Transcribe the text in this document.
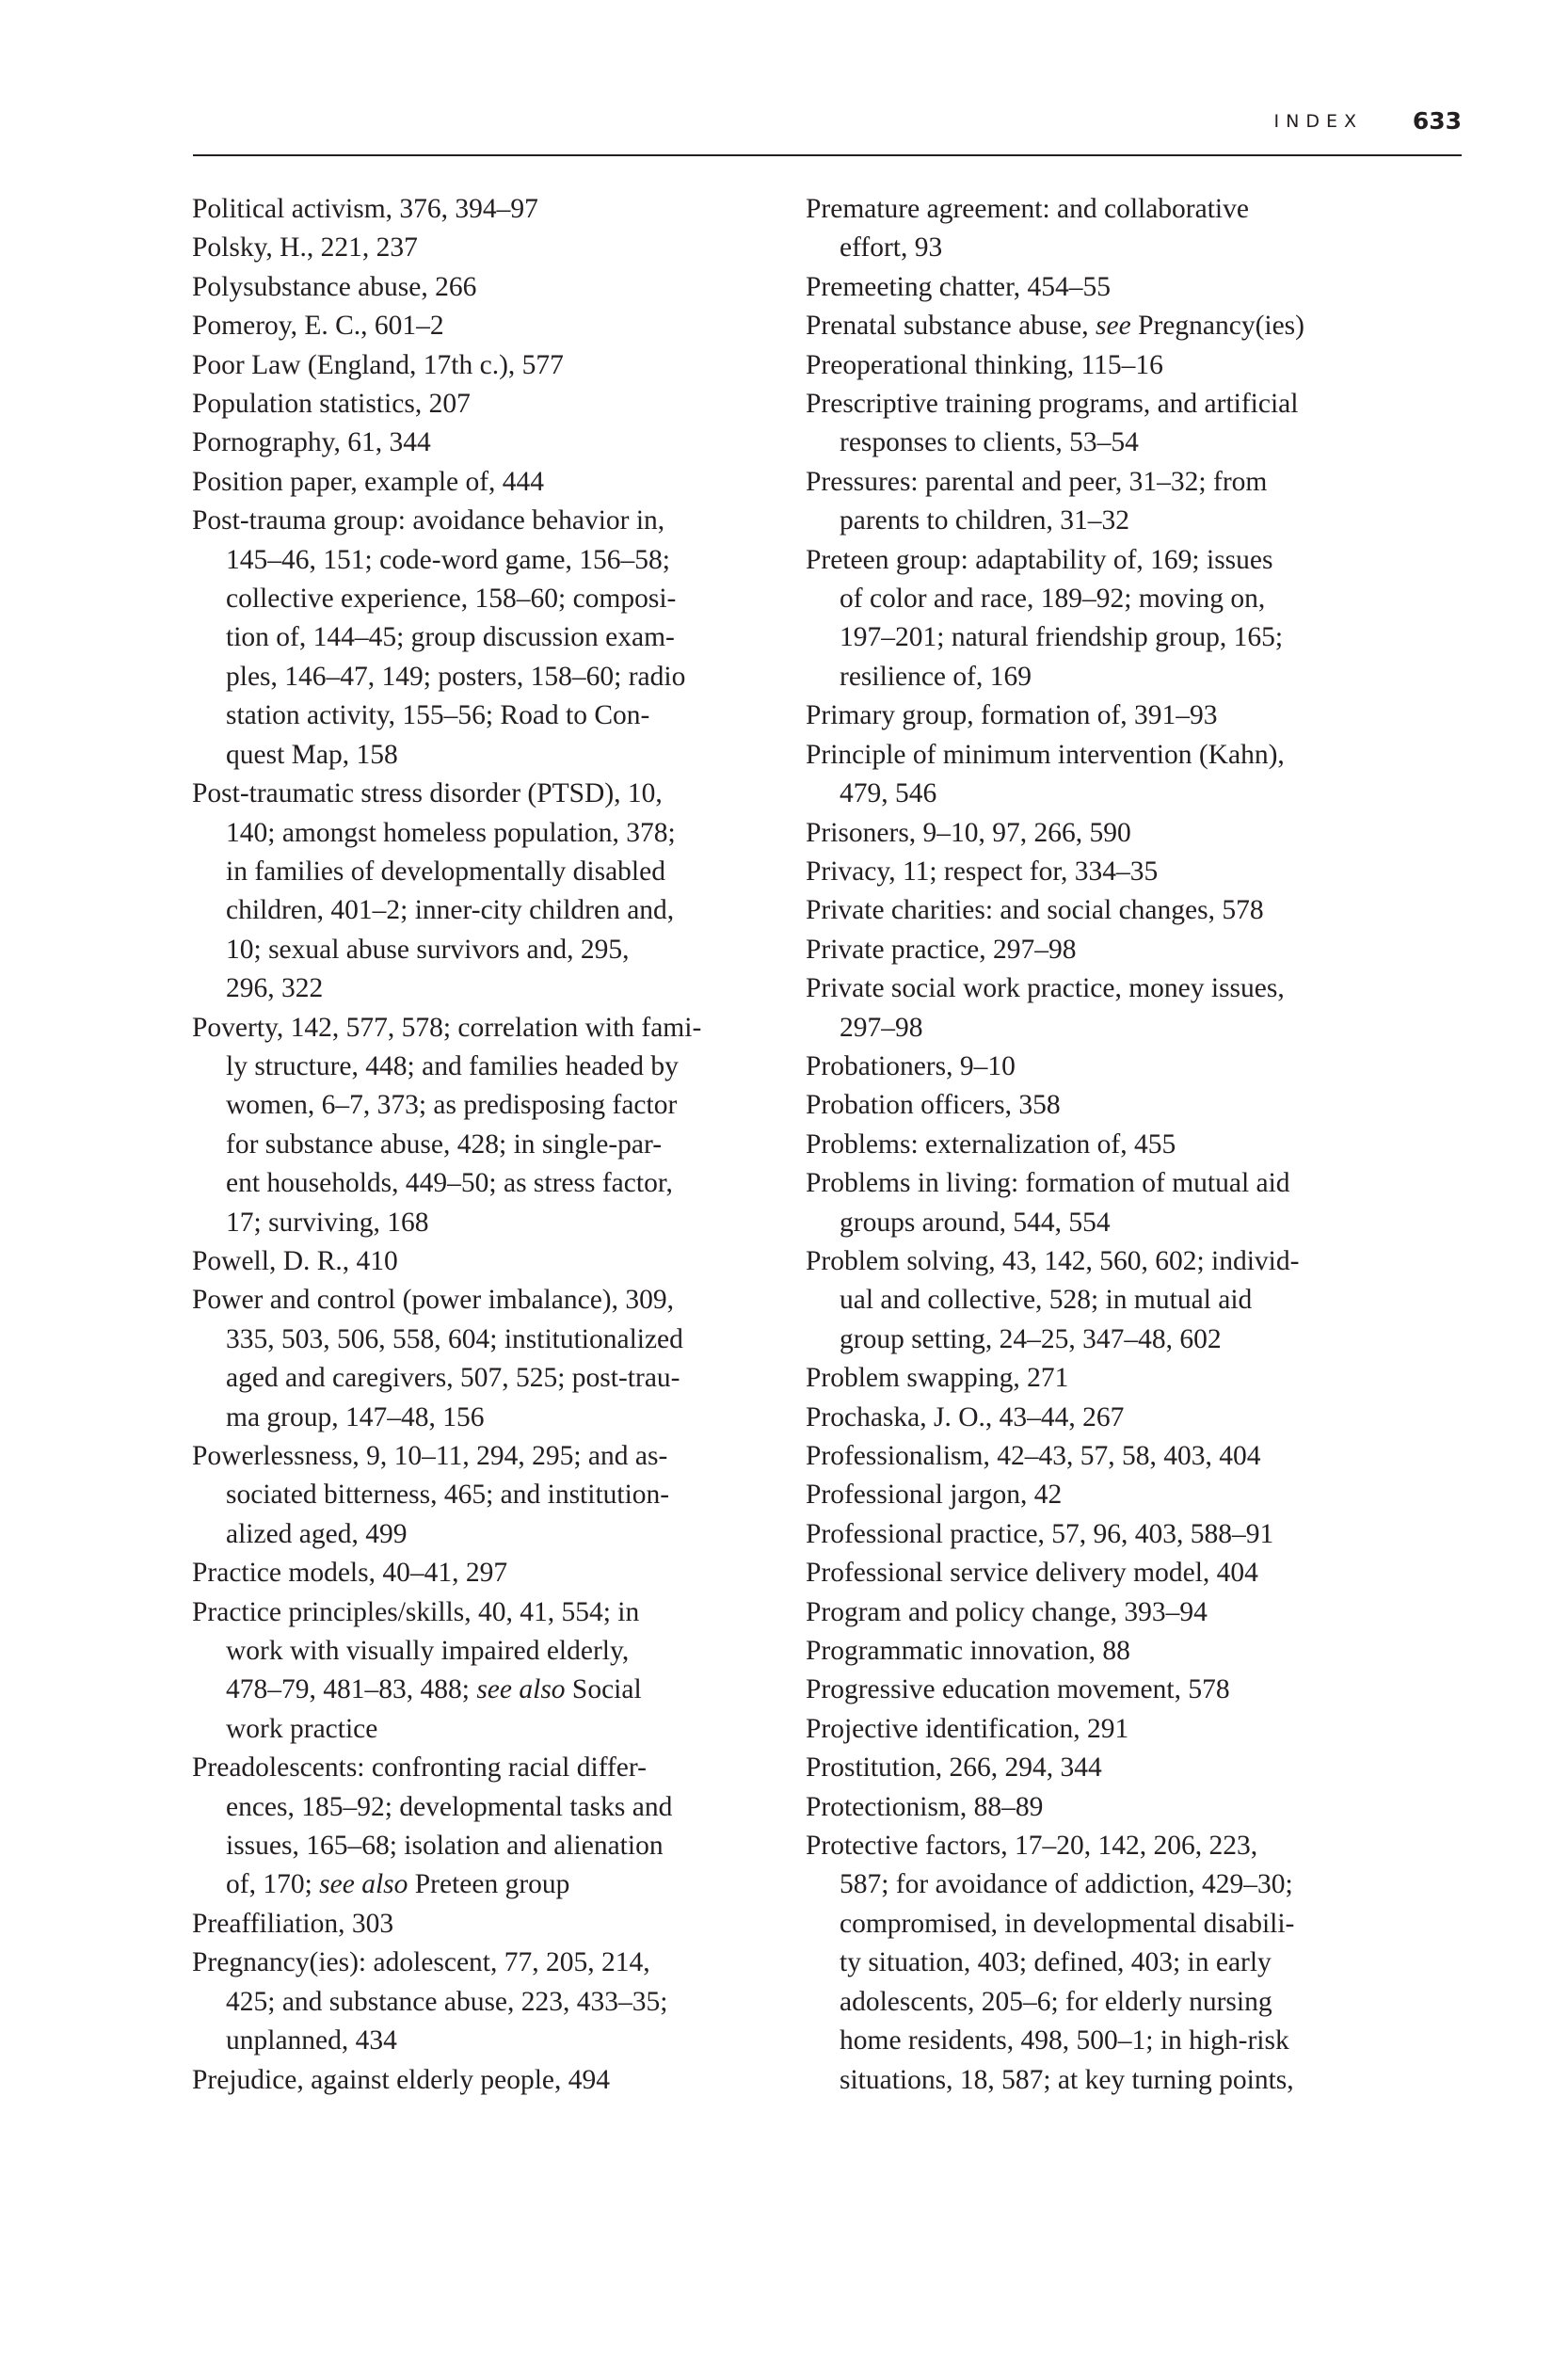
INDEX 633
Political activism, 376, 394–97
Polsky, H., 221, 237
Polysubstance abuse, 266
Pomeroy, E. C., 601–2
Poor Law (England, 17th c.), 577
Population statistics, 207
Pornography, 61, 344
Position paper, example of, 444
Post-trauma group: avoidance behavior in,
145–46, 151; code-word game, 156–58;
collective experience, 158–60; composi-
tion of, 144–45; group discussion exam-
ples, 146–47, 149; posters, 158–60; radio
station activity, 155–56; Road to Con-
quest Map, 158
Post-traumatic stress disorder (PTSD), 10,
140; amongst homeless population, 378;
in families of developmentally disabled
children, 401–2; inner-city children and,
10; sexual abuse survivors and, 295,
296, 322
Poverty, 142, 577, 578; correlation with fami-
ly structure, 448; and families headed by
women, 6–7, 373; as predisposing factor
for substance abuse, 428; in single-par-
ent households, 449–50; as stress factor,
17; surviving, 168
Powell, D. R., 410
Power and control (power imbalance), 309,
335, 503, 506, 558, 604; institutionalized
aged and caregivers, 507, 525; post-trau-
ma group, 147–48, 156
Powerlessness, 9, 10–11, 294, 295; and as-
sociated bitterness, 465; and institution-
alized aged, 499
Practice models, 40–41, 297
Practice principles/skills, 40, 41, 554; in
work with visually impaired elderly,
478–79, 481–83, 488; see also Social
work practice
Preadolescents: confronting racial differ-
ences, 185–92; developmental tasks and
issues, 165–68; isolation and alienation
of, 170; see also Preteen group
Preaffiliation, 303
Pregnancy(ies): adolescent, 77, 205, 214,
425; and substance abuse, 223, 433–35;
unplanned, 434
Prejudice, against elderly people, 494
Premature agreement: and collaborative
effort, 93
Premeeting chatter, 454–55
Prenatal substance abuse, see Pregnancy(ies)
Preoperational thinking, 115–16
Prescriptive training programs, and artificial
responses to clients, 53–54
Pressures: parental and peer, 31–32; from
parents to children, 31–32
Preteen group: adaptability of, 169; issues
of color and race, 189–92; moving on,
197–201; natural friendship group, 165;
resilience of, 169
Primary group, formation of, 391–93
Principle of minimum intervention (Kahn),
479, 546
Prisoners, 9–10, 97, 266, 590
Privacy, 11; respect for, 334–35
Private charities: and social changes, 578
Private practice, 297–98
Private social work practice, money issues,
297–98
Probationers, 9–10
Probation officers, 358
Problems: externalization of, 455
Problems in living: formation of mutual aid
groups around, 544, 554
Problem solving, 43, 142, 560, 602; individ-
ual and collective, 528; in mutual aid
group setting, 24–25, 347–48, 602
Problem swapping, 271
Prochaska, J. O., 43–44, 267
Professionalism, 42–43, 57, 58, 403, 404
Professional jargon, 42
Professional practice, 57, 96, 403, 588–91
Professional service delivery model, 404
Program and policy change, 393–94
Programmatic innovation, 88
Progressive education movement, 578
Projective identification, 291
Prostitution, 266, 294, 344
Protectionism, 88–89
Protective factors, 17–20, 142, 206, 223,
587; for avoidance of addiction, 429–30;
compromised, in developmental disabili-
ty situation, 403; defined, 403; in early
adolescents, 205–6; for elderly nursing
home residents, 498, 500–1; in high-risk
situations, 18, 587; at key turning points,
